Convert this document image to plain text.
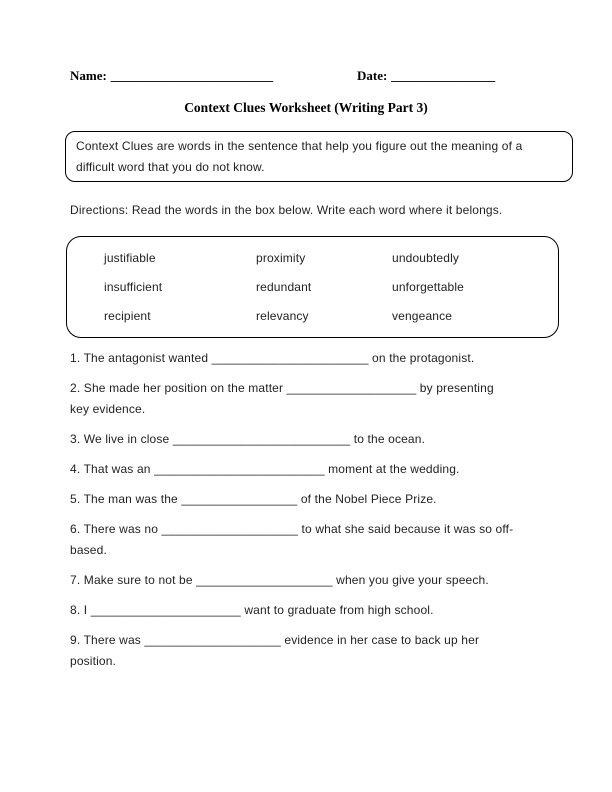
Name: _________________________	Date: ________________
Context Clues Worksheet (Writing Part 3)
Context Clues are words in the sentence that help you figure out the meaning of a
difficult word that you do not know.
Directions: Read the words in the box below. Write each word where it belongs.
justifiable	proximity	undoubtedly
insufficient	redundant	unforgettable
recipient	relevancy	vengeance
1. The antagonist wanted _______________________ on the protagonist.
2. She made her position on the matter ___________________ by presenting
key evidence.
3. We live in close __________________________ to the ocean.
4. That was an _________________________ moment at the wedding.
5. The man was the _________________ of the Nobel Piece Prize.
6. There was no ____________________ to what she said because it was so off-
based.
7. Make sure to not be ____________________ when you give your speech.
8. I ______________________ want to graduate from high school.
9. There was ____________________ evidence in her case to back up her
position.
